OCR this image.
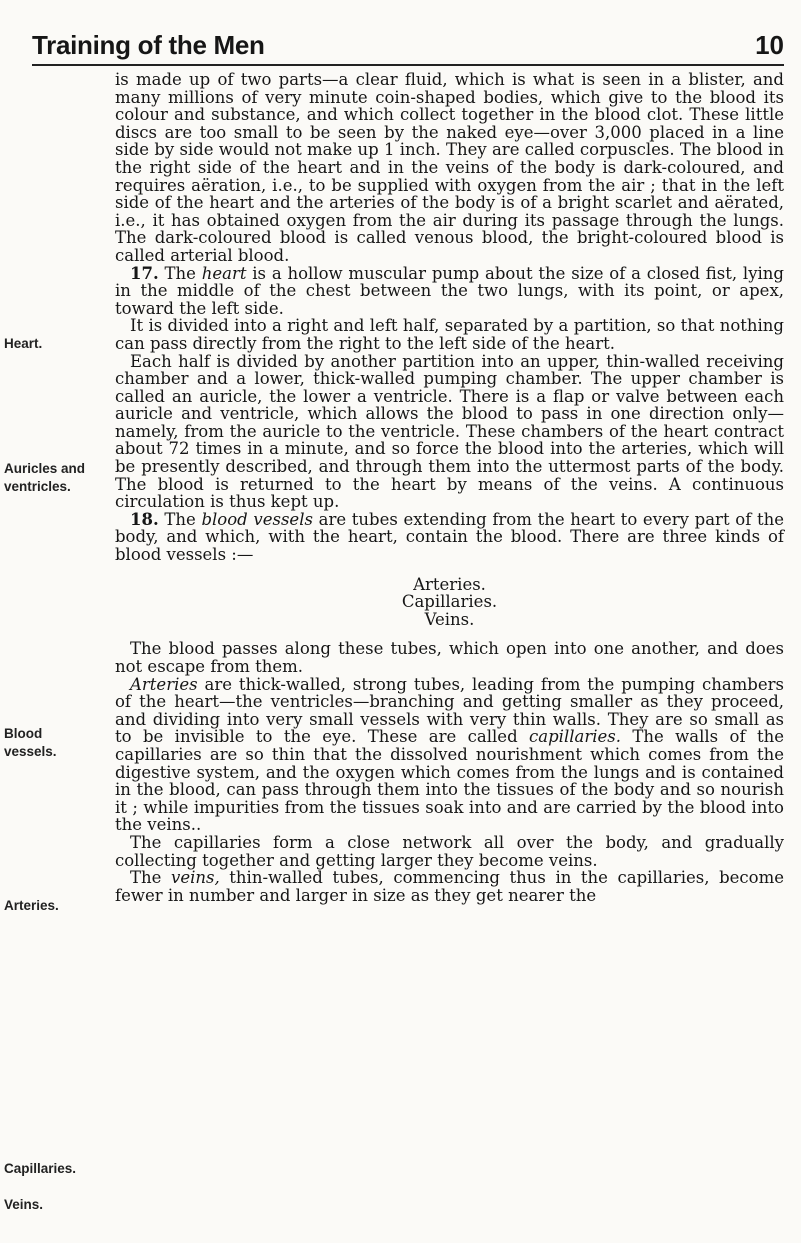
Training of the Men	10
Heart.
Auricles and
ventricles.
Blood
vessels.
Arteries.
Capillaries.
Veins.

is made up of two parts—a clear fluid, which is what is seen in a blister, and many millions of very minute coin-shaped bodies, which give to the blood its colour and substance, and which collect together in the blood clot. These little discs are too small to be seen by the naked eye—over 3,000 placed in a line side by side would not make up 1 inch. They are called corpuscles. The blood in the right side of the heart and in the veins of the body is dark-coloured, and requires aëration, i.e., to be supplied with oxygen from the air ; that in the left side of the heart and the arteries of the body is of a bright scarlet and aërated, i.e., it has obtained oxygen from the air during its passage through the lungs. The dark-coloured blood is called venous blood, the bright-coloured blood is called arterial blood.

17. The heart is a hollow muscular pump about the size of a closed fist, lying in the middle of the chest between the two lungs, with its point, or apex, toward the left side.

It is divided into a right and left half, separated by a partition, so that nothing can pass directly from the right to the left side of the heart.

Each half is divided by another partition into an upper, thin-walled receiving chamber and a lower, thick-walled pumping chamber. The upper chamber is called an auricle, the lower a ventricle. There is a flap or valve between each auricle and ventricle, which allows the blood to pass in one direction only—namely, from the auricle to the ventricle. These chambers of the heart contract about 72 times in a minute, and so force the blood into the arteries, which will be presently described, and through them into the uttermost parts of the body. The blood is returned to the heart by means of the veins. A continuous circulation is thus kept up.

18. The blood vessels are tubes extending from the heart to every part of the body, and which, with the heart, contain the blood. There are three kinds of blood vessels :—

Arteries.
Capillaries.
Veins.

The blood passes along these tubes, which open into one another, and does not escape from them.

Arteries are thick-walled, strong tubes, leading from the pumping chambers of the heart—the ventricles—branching and getting smaller as they proceed, and dividing into very small vessels with very thin walls. They are so small as to be invisible to the eye. These are called capillaries. The walls of the capillaries are so thin that the dissolved nourishment which comes from the digestive system, and the oxygen which comes from the lungs and is contained in the blood, can pass through them into the tissues of the body and so nourish it ; while impurities from the tissues soak into and are carried by the blood into the veins..

The capillaries form a close network all over the body, and gradually collecting together and getting larger they become veins.

The veins, thin-walled tubes, commencing thus in the capillaries, become fewer in number and larger in size as they get nearer the
